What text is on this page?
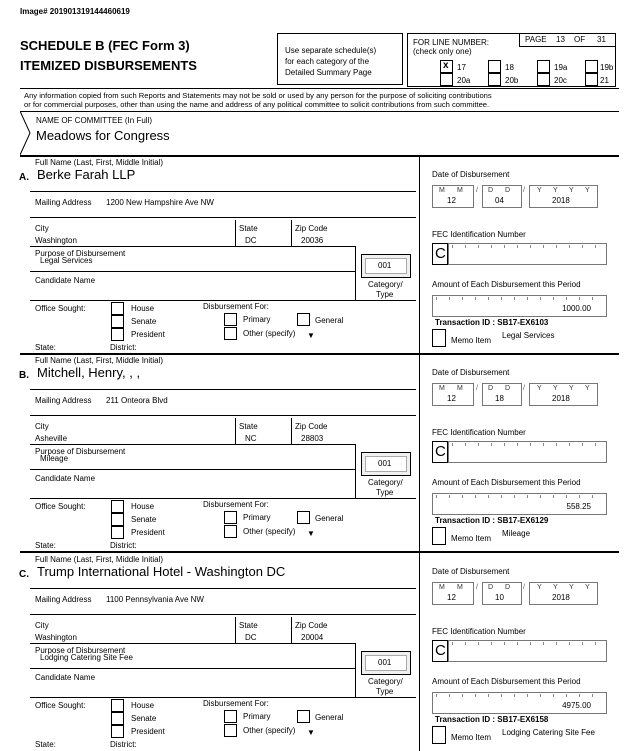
Image# 201901319144460619
SCHEDULE B (FEC Form 3)
ITEMIZED DISBURSEMENTS
Use separate schedule(s)
for each category of the
Detailed Summary Page
FOR LINE NUMBER:
(check only one)
PAGE 13 OF 31
x 17	18	19a	19b
20a	20b	20c	21
Any information copied from such Reports and Statements may not be sold or used by any person for the purpose of soliciting contributions
or for commercial purposes, other than using the name and address of any political committee to solicit contributions from such committee.
NAME OF COMMITTEE (In Full)
Meadows for Congress
Full Name (Last, First, Middle Initial)
A. Berke Farah LLP
Mailing Address 1200 New Hampshire Ave NW
City
Washington
State
DC
Zip Code
20036
Purpose of Disbursement
Legal Services
001
Candidate Name	Category/
Type
Office Sought:	House
Senate
President
State:	District:
Disbursement For:
Primary	General
Other (specify) ▼
Date of Disbursement
M M
12
/ D D
04
/ Y Y Y Y
2018
FEC Identification Number
C
Amount of Each Disbursement this Period
1000.00
Transaction ID : SB17-EX6103
Memo Item
Legal Services
Full Name (Last, First, Middle Initial)
B. Mitchell, Henry, , ,
Mailing Address 211 Onteora Blvd
City
Asheville
State
NC
Zip Code
28803
Purpose of Disbursement
Mileage
001
Candidate Name	Category/
Type
Office Sought:	House
Senate
President
State:	District:
Disbursement For:
Primary	General
Other (specify) ▼
Date of Disbursement
M M
12
/ D D
18
/ Y Y Y Y
2018
FEC Identification Number
C
Amount of Each Disbursement this Period
558.25
Transaction ID : SB17-EX6129
Memo Item
Mileage
Full Name (Last, First, Middle Initial)
C. Trump International Hotel - Washington DC
Mailing Address 1100 Pennsylvania Ave NW
City
Washington
State
DC
Zip Code
20004
Purpose of Disbursement
Lodging Catering Site Fee
001
Candidate Name	Category/
Type
Office Sought:	House
Senate
President
State:	District:
Disbursement For:
Primary	General
Other (specify) ▼
Date of Disbursement
M M
12
/ D D
10
/ Y Y Y Y
2018
FEC Identification Number
C
Amount of Each Disbursement this Period
4975.00
Transaction ID : SB17-EX6158
Memo Item
Lodging Catering Site Fee
